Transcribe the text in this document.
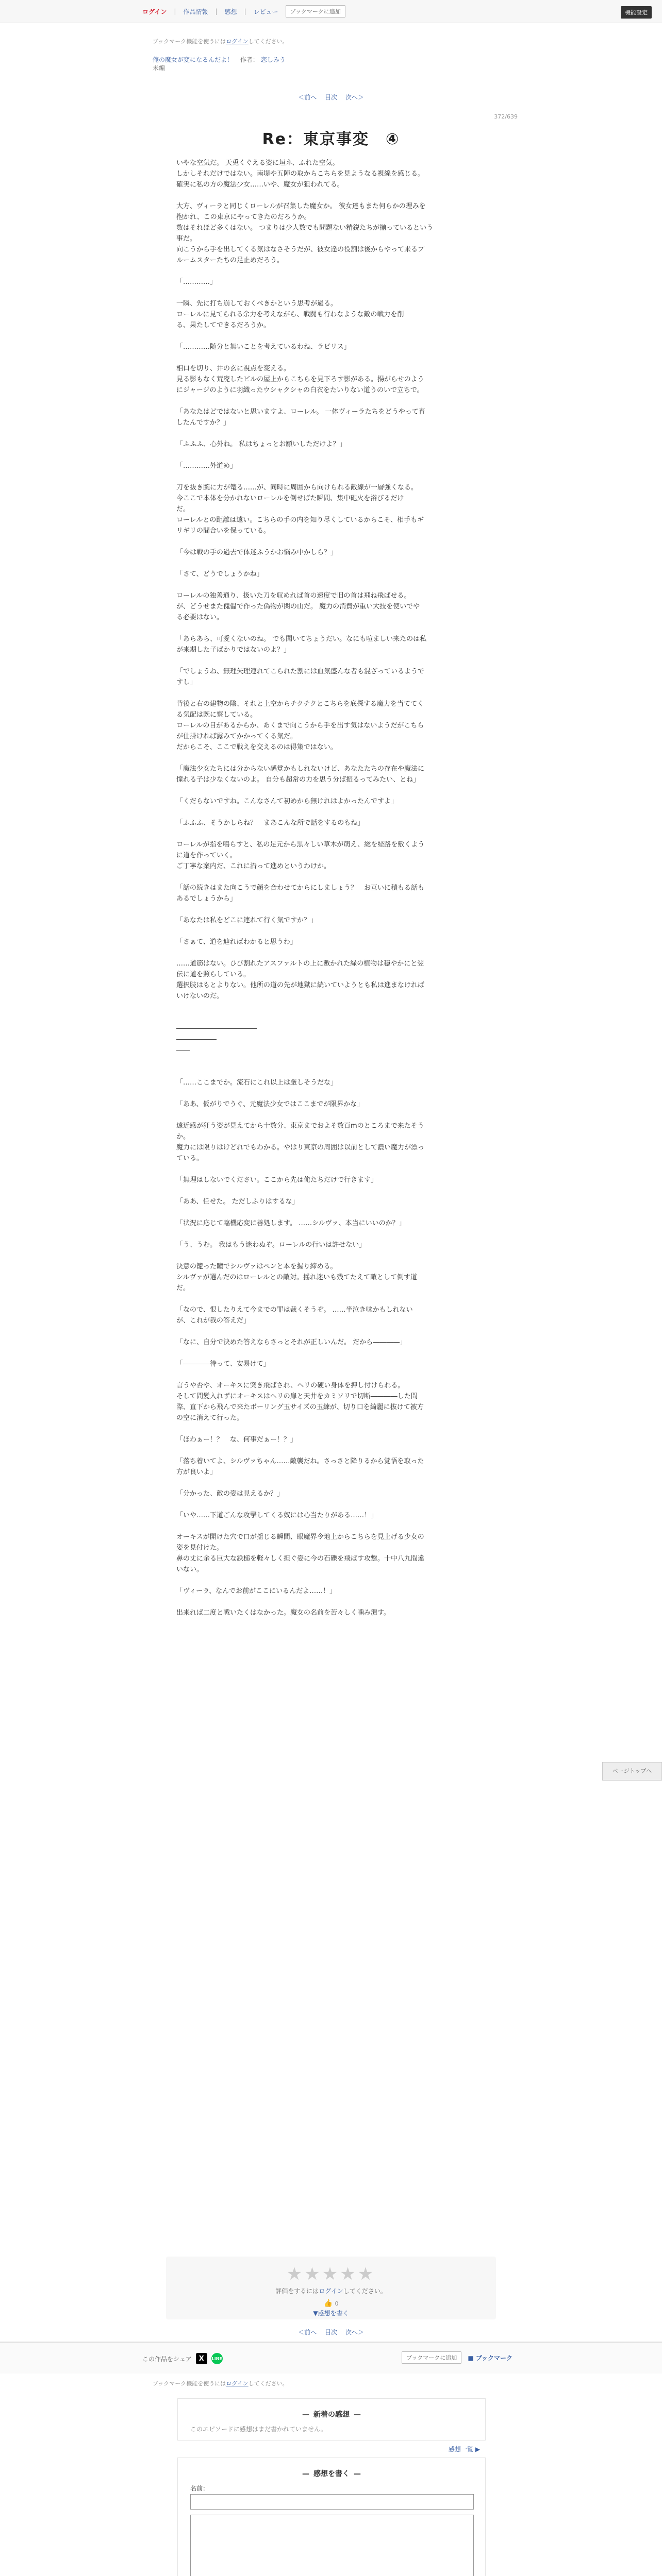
ログイン | 作品情報 | 感想 | レビュー	ブックマークに追加	機能設定
ブックマーク機能を使うにはログインしてください。
俺の魔女が変になるんだよ！ 作者： 恋しみう
未編
＜前へ 目次 次へ＞
372/639
Re：東京事変　④

いやな空気だ。 天兎くぐえる姿に垣ネ、ふれた空気。

しかしそれだけではない。南堤や五陣の取からこちらを見ようなる視線を感じる。

確実に私の方の魔法少女……いや、魔女が狙われてる。

大方、ヴィーラと同じくローレルが召集した魔女か。 彼女達もまた何らかの理みを

抱かれ、この東京にやってきたのだろうか。

数はそれほど多くはない。 つまりは少人数でも問題ない精鋭たちが揃っているという

事だ。

向こうから手を出してくる気はなさそうだが、彼女達の役割は後からやって来るプ

ルームスターたちの足止めだろう。

「…………」

一瞬、先に打ち崩しておくべきかという思考が過る。

ローレルに見てられる余力を考えながら、戦闘も行わなような敵の戦力を削

る、果たしてできるだろうか。

「…………随分と無いことを考えているわね、ラピリス」

相口を切り、井の玄に視点を変える。

見る影もなく荒廃したビルの屋上からこちらを見下ろす影がある。揚がらせのよう

にジャージのように羽織ったウシャクシャの白衣をたいりない道うのいで立ちで。

「あなたはどではないと思いますよ、ローレル。 一体ヴィーラたちをどうやって育

したんですか？」

「ふふふ、心外ね。 私はちょっとお願いしただけよ？」

「…………外道め」

刀を抜き腕に力が篭る……が、同時に周囲から向けられる敵線が一層強くなる。

今ここで本体を分かれないローレルを倒せばた瞬間、集中砲火を浴びるだけ

だ。

ローレルとの距離は遠い。こちらの手の内を知り尽くしているからこそ、相手もギ

リギリの間合いを保っている。

「今は戦の手の過去で体迷ふうかお悩み中かしら？」

「さて、どうでしょうかね」

ローレルの独善通り、扱いた刀を収めれば首の速度で旧の首は飛ね飛ばせる。

が、どうせまた傀儡で作った偽物が関の山だ。 魔力の消費が重い大技を使いでや

る必要はない。

「あらあら、可愛くないのね。 でも聞いてちょうだい。なにも喧ましい来たのは私

が来期した子ばかりではないのよ？」

「でしょうね、無理矢理連れてこられた割には血気盛んな者も混ざっているようで

すし」

背後と右の建物の陰、それと上空からチクチクとこちらを底探する魔力を当ててく

る気配は既に察している。

ローレルの目があるからか、あくまで向こうから手を出す気はないようだがこちら

が仕掛ければ露みてかかってくる気だ。

だからこそ、ここで戦えを交えるのは得策ではない。

「魔法少女たちには分からない感覚かもしれないけど、あなたたちの存在や魔法に

憧れる子は少なくないのよ。 自分も超常の力を思う分ば振るってみたい、とね」

「くだらないですね。こんなさんて初めから無けれはよかったんですよ」

「ふふふ、そうかしらね？　まあこんな所で話をするのもね」

ローレルが指を鳴らすと、私の足元から黒々しい草木が萌え、総を経路を敷くよう

に道を作っていく。

ご丁寧な案内だ、これに沿って進めというわけか。

「話の続きはまた向こうで顔を合わせてからにしましょう？　お互いに積もる話も

あるでしょうから」

「あなたは私をどこに連れて行く気ですか？」

「さぁて、道を辿ればわかると思うわ」

……道筋はない。ひび割れたアスファルトの上に敷かれた緑の植物は穏やかにと翌

伝に道を照らしている。

選択肢はもとよりない。他所の道の先が地獄に続いていようとも私は進まなければ

いけないのだ。

――――――――――――

――――――

――

「……ここまでか。流石にこれ以上は厳しそうだな」

「ああ、仮がりでうぐ、元魔法少女ではここまでが限界かな」

遠近感が狂う姿が見えてから十数分、東京までおよそ数百mのところまで来たそう

か。

魔力には限りはけどれでもわかる。やはり東京の周囲は以前として濃い魔力が漂っ

ている。

「無理はしないでください。ここから先は俺たちだけで行きます」

「ああ、任せた。 ただしふりはするな」

「状況に応じて臨機応変に善処します。 ……シルヴァ、本当にいいのか？」

「う、うむ。 我はもう迷わぬぞ。ローレルの行いは許せない」

決意の籠った瞳でシルヴァはペンと本を握り締める。

シルヴァが選んだのはローレルとの敵対。揺れ迷いも残てたえて敵として倒す道

だ。

「なので、恨したりえて今までの罪は裁くそうぞ。 ……半泣き味かもしれない

が、これが我の答えだ」

「なに、自分で決めた答えならさっとそれが正しいんだ。 だから――――」

「――――待って、安易けて」

言うや否や、オーキスに突き飛ばされ、ヘリの硬い身体を押し付けられる。

そして間髪入れずにオーキスはヘリの扉と天井をカミソリで切断――――した間

際、直下から飛んで来たボーリング玉サイズの玉練が、切り口を綺麗に抜けて被方

の空に消えて行った。

「ほわぁー！？　な、何事だぁー！？」

「落ち着いてよ、シルヴァちゃん……敵襲だね。さっさと降りるから覚悟を取った

方が良いよ」

「分かった、敵の姿は見えるか？」

「いや……下道ごんな攻撃してくる奴には心当たりがある……！」

オーキスが開けた穴で口が揺じる瞬間、眼魔界令地上からこちらを見上げる少女の

姿を見付けた。

鼻の丈に余る巨大な鉄槌を軽々しく担ぐ姿に今の石礫を飛ばす攻撃。十中八九間違

いない。

「ヴィーラ、なんでお前がここにいるんだよ……！」

出来れば二度と戦いたくはなかった。魔女の名前を苦々しく噛み潰す。

ページトップへ
★★★★★
評価をするにはログインしてください。
👍 0
▼感想を書く
＜前へ 目次 次へ＞
この作品をシェア	X	LINE	ブックマークに追加	■ ブックマーク
ブックマーク機能を使うにはログインしてください。
— 新着の感想 —
このエピソードに感想はまだ書かれていません。
感想一覧 ▶
— 感想を書く —
名前：
